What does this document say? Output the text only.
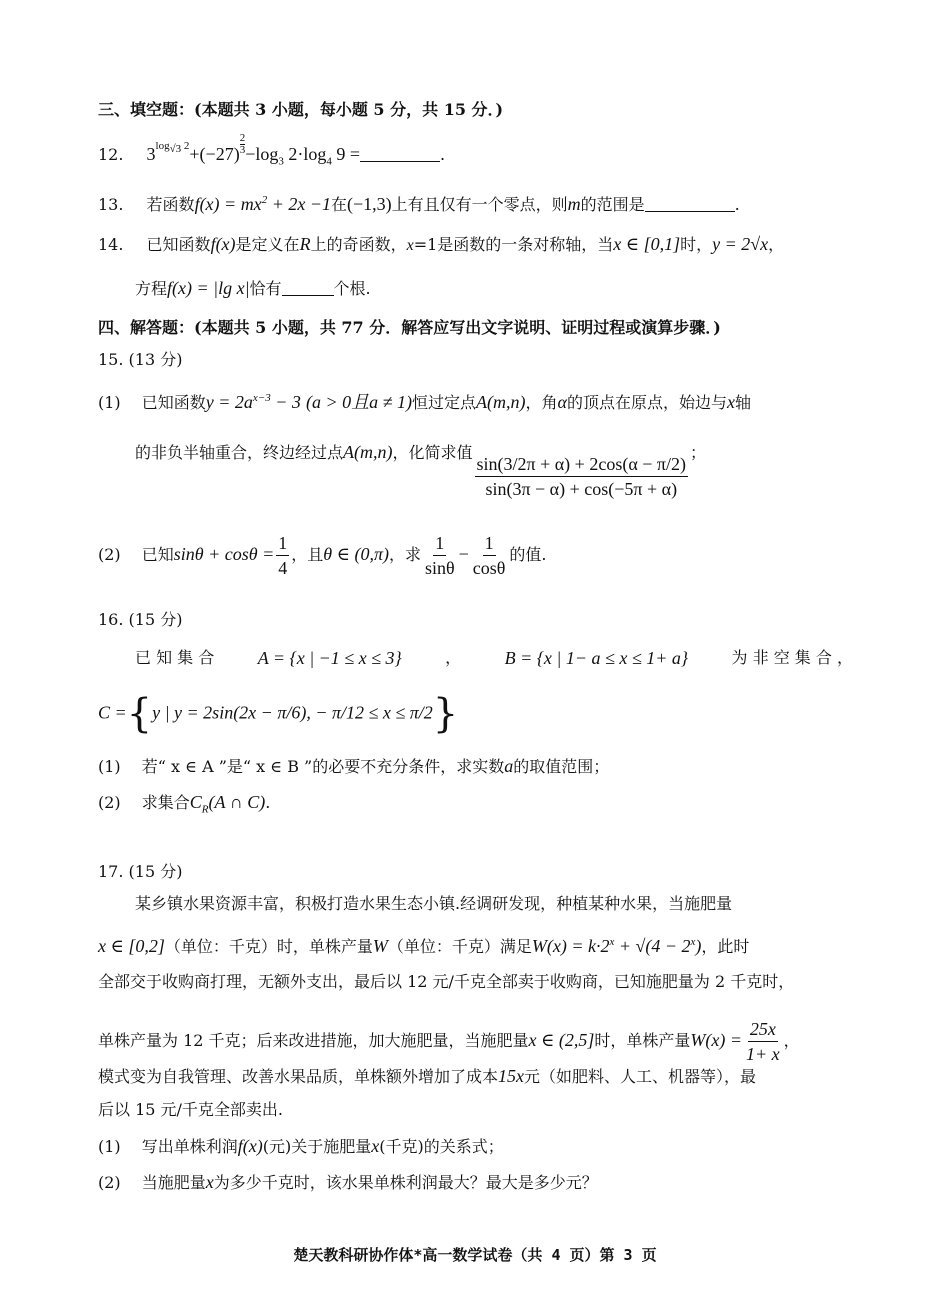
三、填空题：(本题共 3 小题，每小题 5 分，共 15 分．)
12. $3^{log_{√3} 2}+(-27)$ $^{\frac{2}{3}} -\log_3$ $2\cdot\log_4$ 9 =	.
13. 若函数$f(x) = mx^2 + 2x -1$在(−1,3)上有且仅有一个零点，则m的范围是	.
14. 已知函数f(x)是定义在R上的奇函数，x=1是函数的一条对称轴，当x ∈ [0,1]时，y = 2√x，
方程f(x) = |lg x|恰有	个根.
四、解答题：(本题共 5 小题，共 77 分．解答应写出文字说明、证明过程或演算步骤．)
15. (13 分)
(1) 已知函数$y = 2a^{x-3} - 3$ (a > 0且a ≠ 1)恒过定点A(m,n)，角α的顶点在原点，始边与x轴
的非负半轴重合，终边经过点A(m,n)，化简求值
$\frac{\sin(3/2\pi + \alpha) + 2\cos(\alpha - \pi/2)}{\sin(3\pi - \alpha) + \cos(-5\pi + \alpha)}$
；
(2) 已知$\sin\theta + \cos\theta = \frac{1}{4}$ ，且θ ∈ (0,π)，求 $\frac{1}{\sin\theta} - \frac{1}{\cos\theta}$ 的值.
16. (15 分)
已 知 集 合 A = {x | −1 ≤ x ≤ 3}	， B = {x | 1− a ≤ x ≤ 1+ a}	为 非 空 集 合 ，
C ={y | y = 2sin(2x − π/6), − π/12 ≤ x ≤ π/2}
(1) 若“ x ∈ A ”是“ x ∈ B ”的必要不充分条件，求实数a的取值范围；
(2) 求集合$C_R(A$ ∩ C).
17. (15 分)
某乡镇水果资源丰富，积极打造水果生态小镇.经调研发现，种植某种水果，当施肥量
x ∈ [0,2]（单位：千克）时，单株产量W（单位：千克）满足$W(x) = k\cdot 2^x + √(4 - 2^x)$，此时
全部交于收购商打理，无额外支出，最后以 12 元/千克全部卖于收购商，已知施肥量为 2 千克时，
单株产量为 12 千克；后来改进措施，加大施肥量，当施肥量x ∈ (2,5]时，单株产量$W(x) = \frac{25x}{1+ x}$ ，
模式变为自我管理、改善水果品质，单株额外增加了成本15x元（如肥料、人工、机器等），最
后以 15 元/千克全部卖出.
(1) 写出单株利润f(x)(元)关于施肥量x(千克)的关系式；
(2) 当施肥量x为多少千克时，该水果单株利润最大？最大是多少元？
楚天教科研协作体*高一数学试卷（共 4 页）第 3 页
